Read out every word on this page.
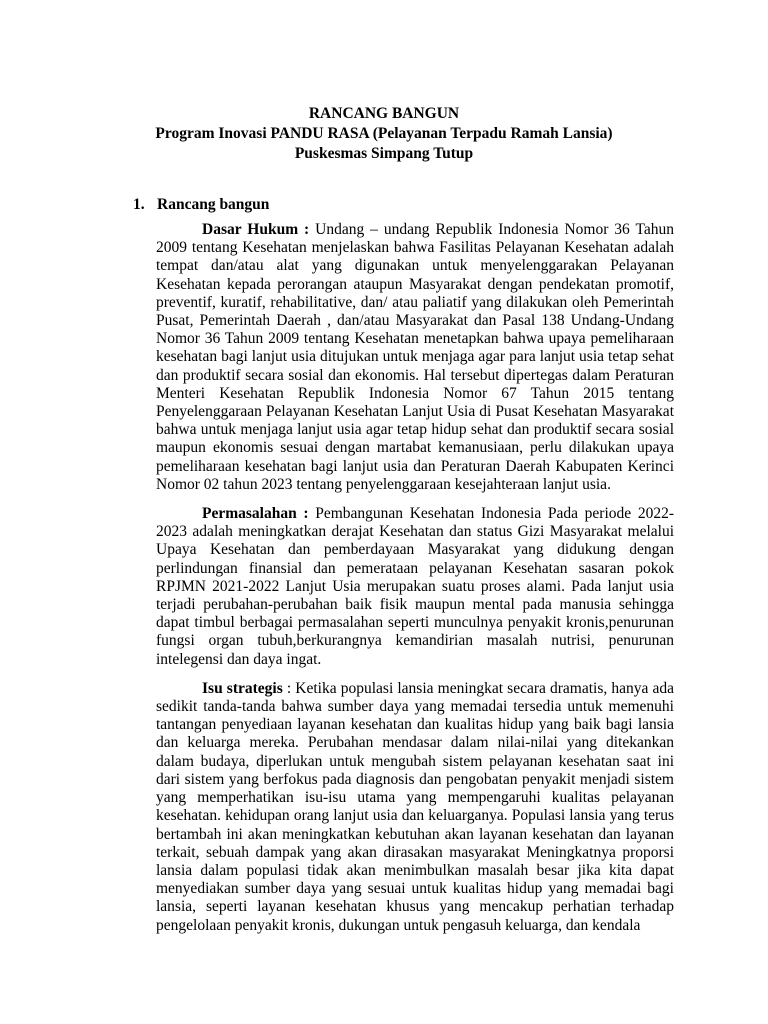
RANCANG BANGUN
Program Inovasi PANDU RASA (Pelayanan Terpadu Ramah Lansia)
Puskesmas Simpang Tutup
1. Rancang bangun

Dasar Hukum : Undang – undang Republik Indonesia Nomor 36 Tahun 2009 tentang Kesehatan menjelaskan bahwa Fasilitas Pelayanan Kesehatan adalah tempat dan/atau alat yang digunakan untuk menyelenggarakan Pelayanan Kesehatan kepada perorangan ataupun Masyarakat dengan pendekatan promotif, preventif, kuratif, rehabilitative, dan/ atau paliatif yang dilakukan oleh Pemerintah Pusat, Pemerintah Daerah , dan/atau Masyarakat dan Pasal 138 Undang-Undang Nomor 36 Tahun 2009 tentang Kesehatan menetapkan bahwa upaya pemeliharaan kesehatan bagi lanjut usia ditujukan untuk menjaga agar para lanjut usia tetap sehat dan produktif secara sosial dan ekonomis. Hal tersebut dipertegas dalam Peraturan Menteri Kesehatan Republik Indonesia Nomor 67 Tahun 2015 tentang Penyelenggaraan Pelayanan Kesehatan Lanjut Usia di Pusat Kesehatan Masyarakat bahwa untuk menjaga lanjut usia agar tetap hidup sehat dan produktif secara sosial maupun ekonomis sesuai dengan martabat kemanusiaan, perlu dilakukan upaya pemeliharaan kesehatan bagi lanjut usia dan Peraturan Daerah Kabupaten Kerinci Nomor 02 tahun 2023 tentang penyelenggaraan kesejahteraan lanjut usia.

Permasalahan : Pembangunan Kesehatan Indonesia Pada periode 2022-2023 adalah meningkatkan derajat Kesehatan dan status Gizi Masyarakat melalui Upaya Kesehatan dan pemberdayaan Masyarakat yang didukung dengan perlindungan finansial dan pemerataan pelayanan Kesehatan sasaran pokok RPJMN 2021-2022 Lanjut Usia merupakan suatu proses alami. Pada lanjut usia terjadi perubahan-perubahan baik fisik maupun mental pada manusia sehingga dapat timbul berbagai permasalahan seperti munculnya penyakit kronis,penurunan fungsi organ tubuh,berkurangnya kemandirian masalah nutrisi, penurunan intelegensi dan daya ingat.

Isu strategis : Ketika populasi lansia meningkat secara dramatis, hanya ada sedikit tanda-tanda bahwa sumber daya yang memadai tersedia untuk memenuhi tantangan penyediaan layanan kesehatan dan kualitas hidup yang baik bagi lansia dan keluarga mereka. Perubahan mendasar dalam nilai-nilai yang ditekankan dalam budaya, diperlukan untuk mengubah sistem pelayanan kesehatan saat ini dari sistem yang berfokus pada diagnosis dan pengobatan penyakit menjadi sistem yang memperhatikan isu-isu utama yang mempengaruhi kualitas pelayanan kesehatan. kehidupan orang lanjut usia dan keluarganya. Populasi lansia yang terus bertambah ini akan meningkatkan kebutuhan akan layanan kesehatan dan layanan terkait, sebuah dampak yang akan dirasakan masyarakat Meningkatnya proporsi lansia dalam populasi tidak akan menimbulkan masalah besar jika kita dapat menyediakan sumber daya yang sesuai untuk kualitas hidup yang memadai bagi lansia, seperti layanan kesehatan khusus yang mencakup perhatian terhadap pengelolaan penyakit kronis, dukungan untuk pengasuh keluarga, dan kendala
